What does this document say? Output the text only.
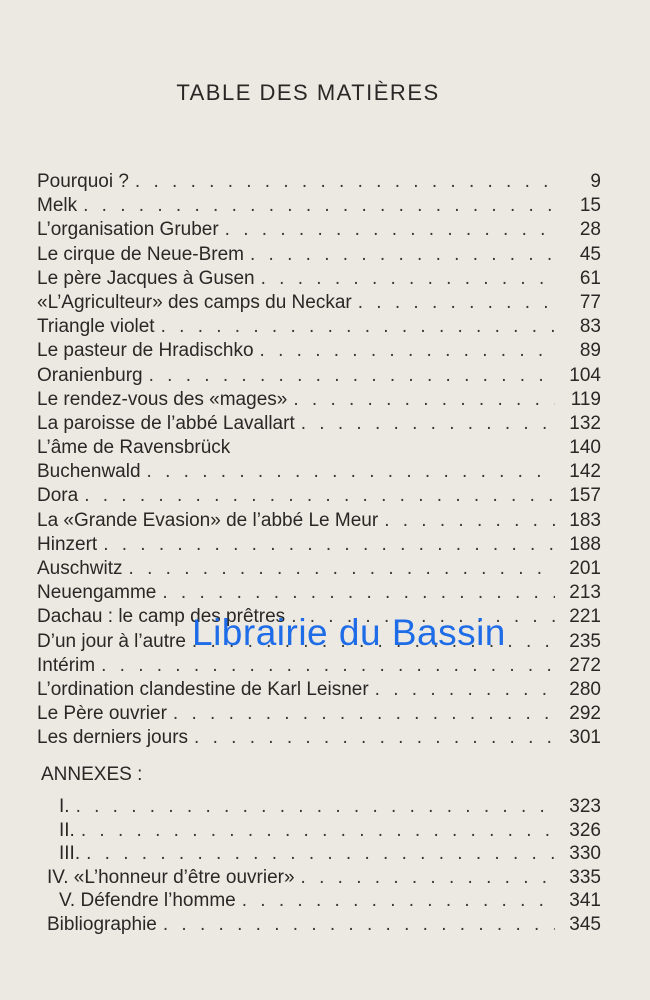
TABLE DES MATIÈRES
Pourquoi ? . . .	9
Melk . . .	15
L’organisation Gruber . . .	28
Le cirque de Neue-Brem . . .	45
Le père Jacques à Gusen . . .	61
«L’Agriculteur» des camps du Neckar . . .	77
Triangle violet . . .	83
Le pasteur de Hradischko . . .	89
Oranienburg . . .	104
Le rendez-vous des «mages» . . .	119
La paroisse de l’abbé Lavallart . . .	132
L’âme de Ravensbrück	140
Buchenwald . . .	142
Dora . . .	157
La «Grande Evasion» de l’abbé Le Meur . . .	183
Hinzert . . .	188
Auschwitz . . .	201
Neuengamme . . .	213
Dachau : le camp des prêtres . . .	221
D’un jour à l’autre . . .	235
Intérim . . .	272
L’ordination clandestine de Karl Leisner . . .	280
Le Père ouvrier . . .	292
Les derniers jours . . .	301
ANNEXES :
I. . . .	323
II. . . .	326
III. . . .	330
IV. «L’honneur d’être ouvrier» . . .	335
V. Défendre l’homme . . .	341
Bibliographie . . .	345
Librairie du Bassin
